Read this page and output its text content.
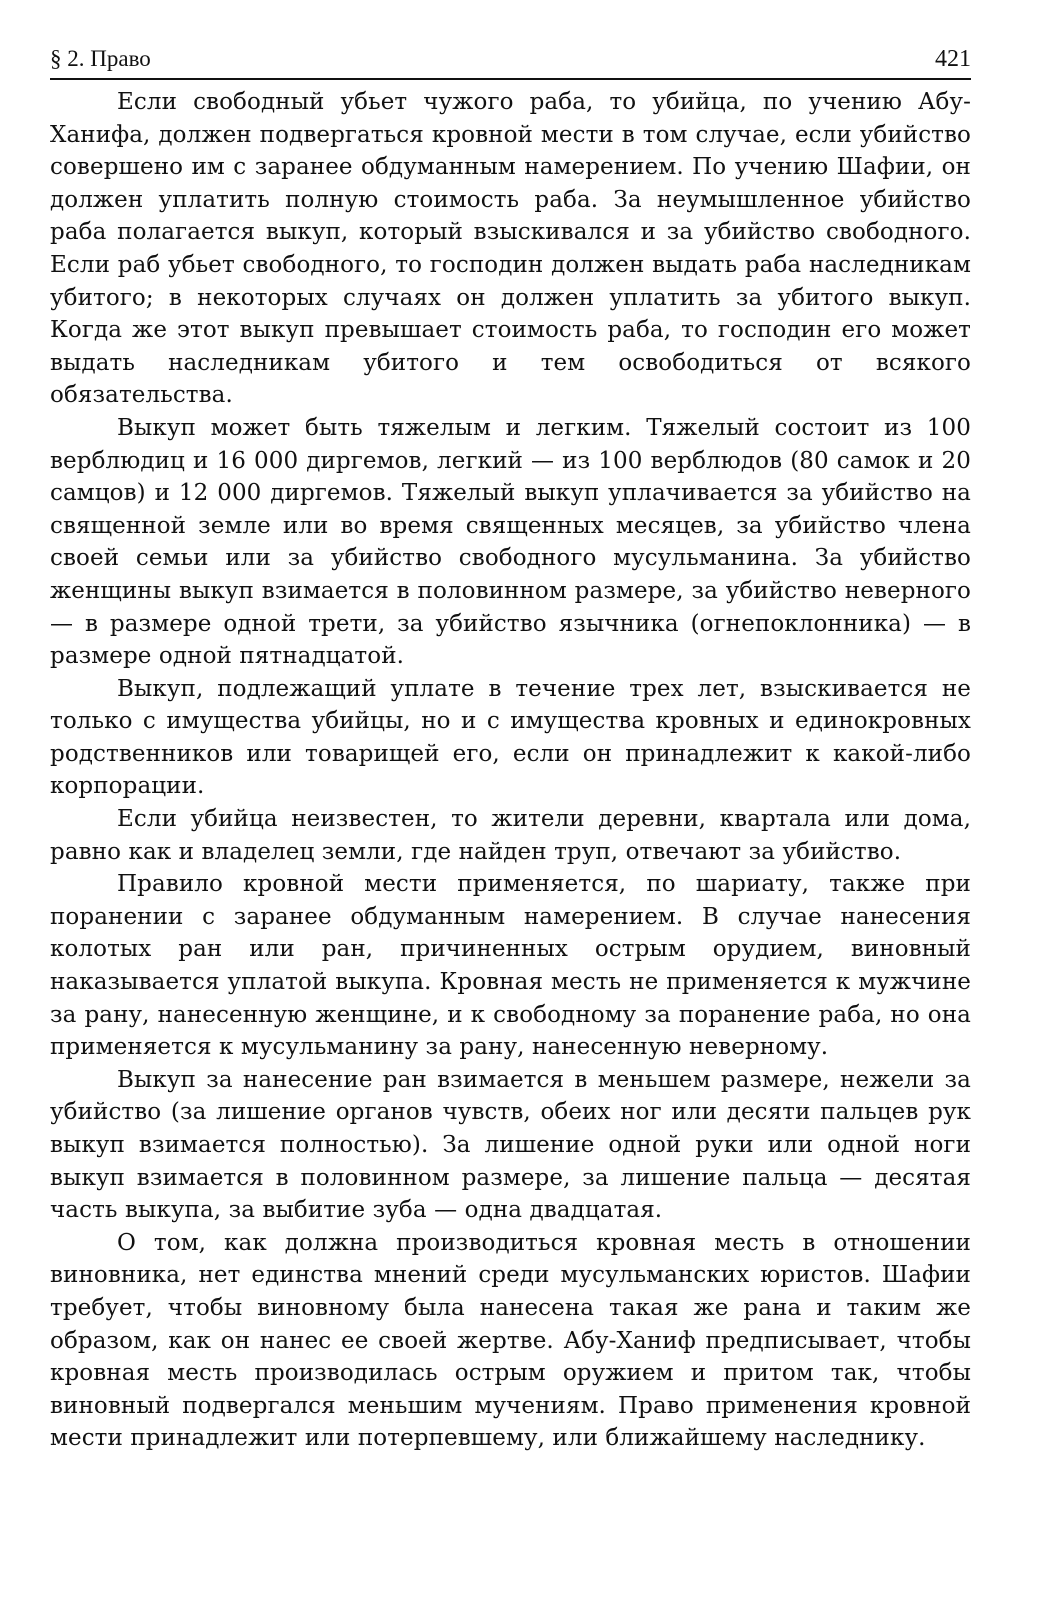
§ 2. Право	421

Если свободный убьет чужого раба, то убийца, по учению Абу-Ханифа, должен подвергаться кровной мести в том случае, если убийство совершено им с заранее обдуманным намерением. По учению Шафии, он должен уплатить полную стоимость раба. За неумышленное убийство раба полагается выкуп, который взыскивался и за убийство свободного. Если раб убьет свободного, то господин должен выдать раба наследникам убитого; в некоторых случаях он должен уплатить за убитого выкуп. Когда же этот выкуп превышает стоимость раба, то господин его может выдать наследникам убитого и тем освободиться от всякого обязательства.

Выкуп может быть тяжелым и легким. Тяжелый состоит из 100 верблюдиц и 16 000 диргемов, легкий — из 100 верблюдов (80 самок и 20 самцов) и 12 000 диргемов. Тяжелый выкуп уплачивается за убийство на священной земле или во время священных месяцев, за убийство члена своей семьи или за убийство свободного мусульманина. За убийство женщины выкуп взимается в половинном размере, за убийство неверного — в размере одной трети, за убийство язычника (огнепоклонника) — в размере одной пятнадцатой.

Выкуп, подлежащий уплате в течение трех лет, взыскивается не только с имущества убийцы, но и с имущества кровных и единокровных родственников или товарищей его, если он принадлежит к какой-либо корпорации.

Если убийца неизвестен, то жители деревни, квартала или дома, равно как и владелец земли, где найден труп, отвечают за убийство.

Правило кровной мести применяется, по шариату, также при поранении с заранее обдуманным намерением. В случае нанесения колотых ран или ран, причиненных острым орудием, виновный наказывается уплатой выкупа. Кровная месть не применяется к мужчине за рану, нанесенную женщине, и к свободному за поранение раба, но она применяется к мусульманину за рану, нанесенную неверному.

Выкуп за нанесение ран взимается в меньшем размере, нежели за убийство (за лишение органов чувств, обеих ног или десяти пальцев рук выкуп взимается полностью). За лишение одной руки или одной ноги выкуп взимается в половинном размере, за лишение пальца — десятая часть выкупа, за выбитие зуба — одна двадцатая.

О том, как должна производиться кровная месть в отношении виновника, нет единства мнений среди мусульманских юристов. Шафии требует, чтобы виновному была нанесена такая же рана и таким же образом, как он нанес ее своей жертве. Абу-Ханиф предписывает, чтобы кровная месть производилась острым оружием и притом так, чтобы виновный подвергался меньшим мучениям. Право применения кровной мести принадлежит или потерпевшему, или ближайшему наследнику.
